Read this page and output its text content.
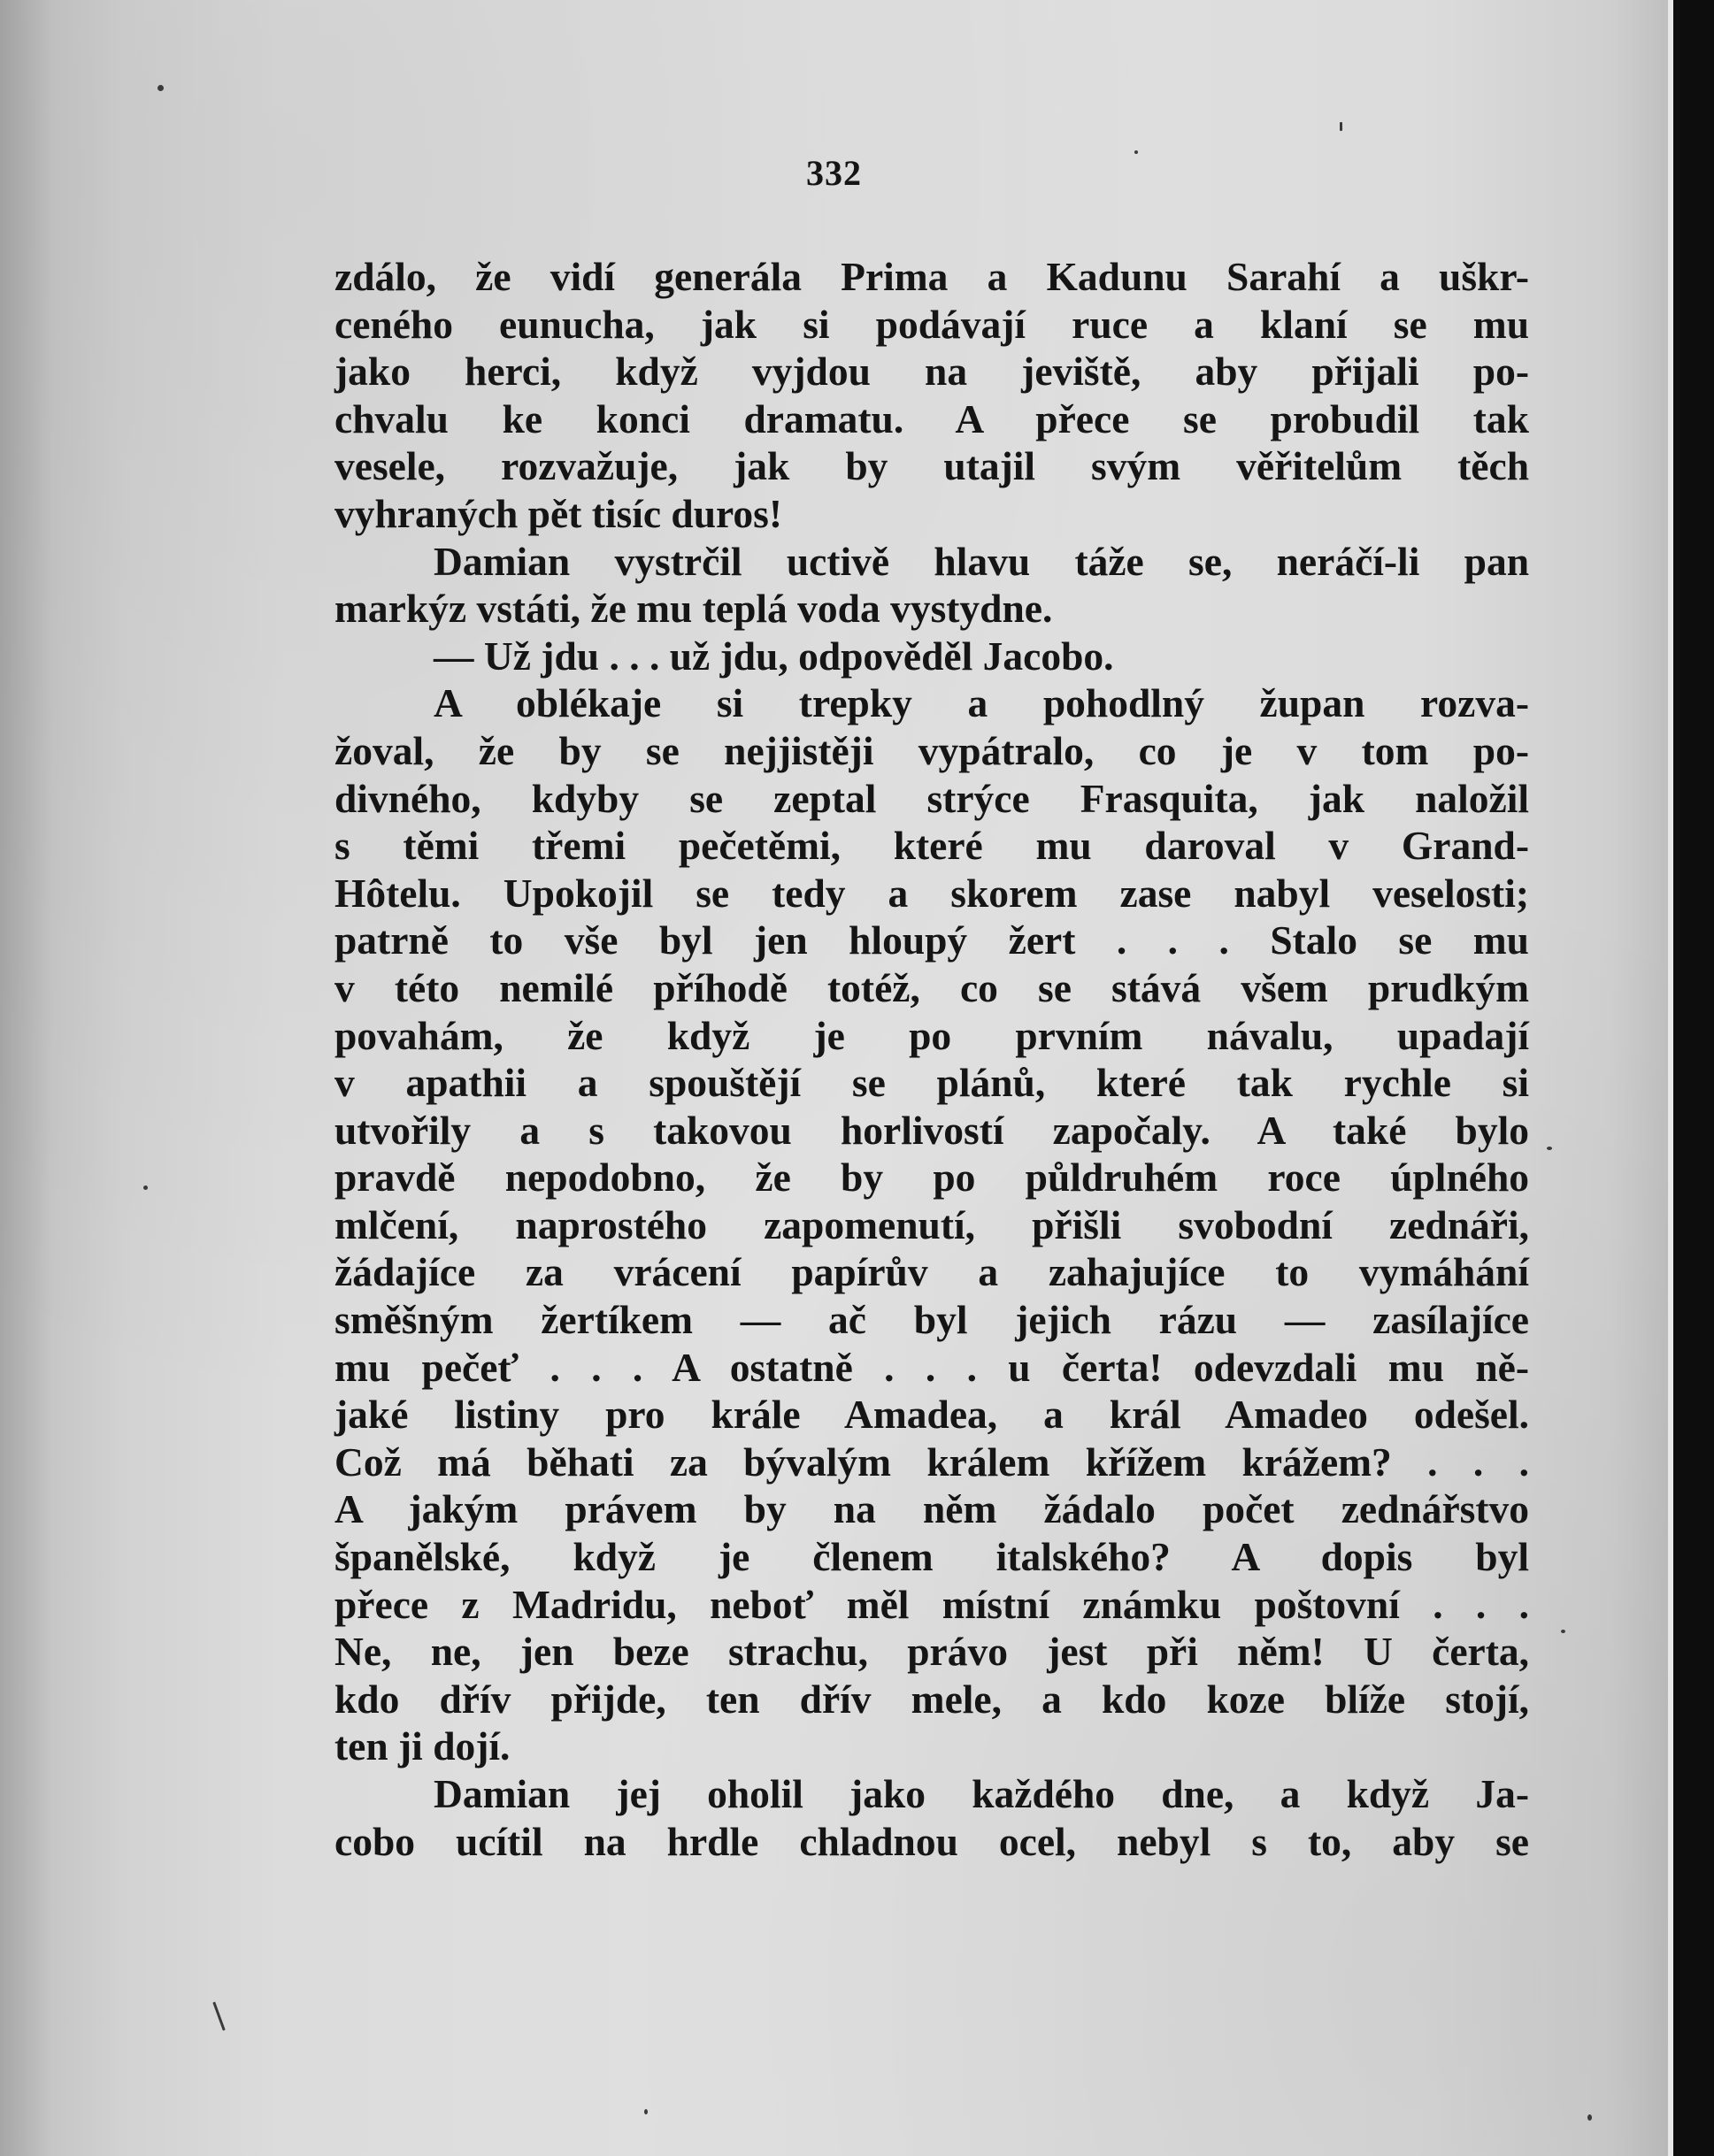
332
zdálo, že vidí generála Prima a Kadunu Sarahí a uškr-
ceného eunucha, jak si podávají ruce a klaní se mu
jako herci, když vyjdou na jeviště, aby přijali po-
chvalu ke konci dramatu. A přece se probudil tak
vesele, rozvažuje, jak by utajil svým věřitelům těch
vyhraných pět tisíc duros!
Damian vystrčil uctivě hlavu táže se, neráčí-li pan
markýz vstáti, že mu teplá voda vystydne.
— Už jdu . . . už jdu, odpověděl Jacobo.
A oblékaje si trepky a pohodlný župan rozva-
žoval, že by se nejjistěji vypátralo, co je v tom po-
divného, kdyby se zeptal strýce Frasquita, jak naložil
s těmi třemi pečetěmi, které mu daroval v Grand-
Hôtelu. Upokojil se tedy a skorem zase nabyl veselosti;
patrně to vše byl jen hloupý žert . . . Stalo se mu
v této nemilé příhodě totéž, co se stává všem prudkým
povahám, že když je po prvním návalu, upadají
v apathii a spouštějí se plánů, které tak rychle si
utvořily a s takovou horlivostí započaly. A také bylo
pravdě nepodobno, že by po půldruhém roce úplného
mlčení, naprostého zapomenutí, přišli svobodní zednáři,
žádajíce za vrácení papírův a zahajujíce to vymáhání
směšným žertíkem — ač byl jejich rázu — zasílajíce
mu pečeť . . . A ostatně . . . u čerta! odevzdali mu ně-
jaké listiny pro krále Amadea, a král Amadeo odešel.
Což má běhati za bývalým králem křížem krážem? . . .
A jakým právem by na něm žádalo počet zednářstvo
španělské, když je členem italského? A dopis byl
přece z Madridu, neboť měl místní známku poštovní . . .
Ne, ne, jen beze strachu, právo jest při něm! U čerta,
kdo dřív přijde, ten dřív mele, a kdo koze blíže stojí,
ten ji dojí.
Damian jej oholil jako každého dne, a když Ja-
cobo ucítil na hrdle chladnou ocel, nebyl s to, aby se
